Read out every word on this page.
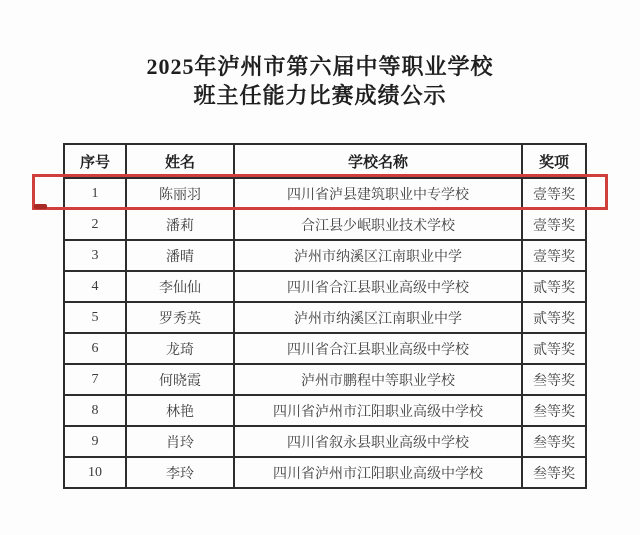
2025年泸州市第六届中等职业学校
班主任能力比赛成绩公示
序号	姓名	学校名称	奖项
1	陈丽羽	四川省泸县建筑职业中专学校	壹等奖
2	潘莉	合江县少岷职业技术学校	壹等奖
3	潘晴	泸州市纳溪区江南职业中学	壹等奖
4	李仙仙	四川省合江县职业高级中学校	贰等奖
5	罗秀英	泸州市纳溪区江南职业中学	贰等奖
6	龙琦	四川省合江县职业高级中学校	贰等奖
7	何晓霞	泸州市鹏程中等职业学校	叁等奖
8	林艳	四川省泸州市江阳职业高级中学校	叁等奖
9	肖玲	四川省叙永县职业高级中学校	叁等奖
10	李玲	四川省泸州市江阳职业高级中学校	叁等奖
